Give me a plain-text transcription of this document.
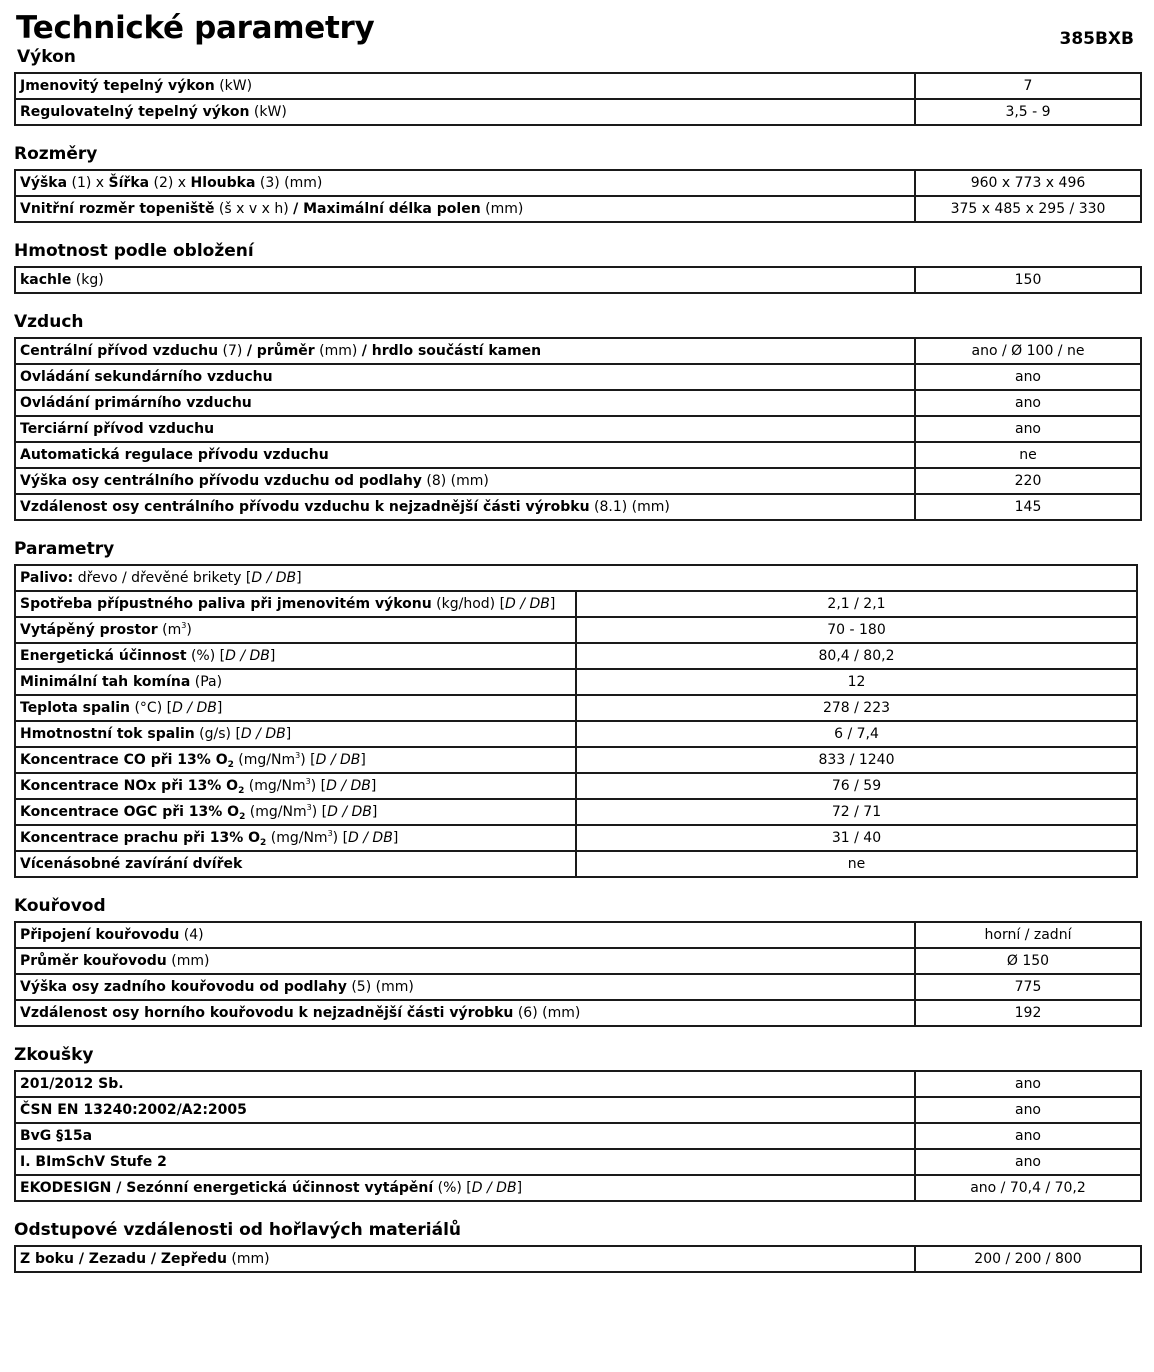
Technické parametry	385BXB
Výkon
Jmenovitý tepelný výkon (kW)	7
Regulovatelný tepelný výkon (kW)	3,5 - 9
Rozměry
Výška (1) x Šířka (2) x Hloubka (3) (mm)	960 x 773 x 496
Vnitřní rozměr topeniště (š x v x h) / Maximální délka polen (mm)	375 x 485 x 295 / 330
Hmotnost podle obložení
kachle (kg)	150
Vzduch
Centrální přívod vzduchu (7) / průměr (mm) / hrdlo součástí kamen	ano / Ø 100 / ne
Ovládání sekundárního vzduchu	ano
Ovládání primárního vzduchu	ano
Terciární přívod vzduchu	ano
Automatická regulace přívodu vzduchu	ne
Výška osy centrálního přívodu vzduchu od podlahy (8) (mm)	220
Vzdálenost osy centrálního přívodu vzduchu k nejzadnější části výrobku (8.1) (mm)	145
Parametry
Palivo: dřevo / dřevěné brikety [D / DB]	
Spotřeba přípustného paliva při jmenovitém výkonu (kg/hod) [D / DB]	2,1 / 2,1
Vytápěný prostor $(m^3)$	70 - 180
Energetická účinnost (%) [D / DB]	80,4 / 80,2
Minimální tah komína (Pa)	12
Teplota spalin (°C) [D / DB]	278 / 223
Hmotnostní tok spalin (g/s) [D / DB]	6 / 7,4
Koncentrace CO při 13% $O_2$ (mg/Nm$^3$) [D / DB]	833 / 1240
Koncentrace NOx při 13% $O_2$ (mg/Nm$^3$) [D / DB]	76 / 59
Koncentrace OGC při 13% $O_2$ (mg/Nm$^3$) [D / DB]	72 / 71
Koncentrace prachu při 13% $O_2$ (mg/Nm$^3$) [D / DB]	31 / 40
Vícenásobné zavírání dvířek	ne
Kouřovod
Připojení kouřovodu (4)	horní / zadní
Průměr kouřovodu (mm)	Ø 150
Výška osy zadního kouřovodu od podlahy (5) (mm)	775
Vzdálenost osy horního kouřovodu k nejzadnější části výrobku (6) (mm)	192
Zkoušky
201/2012 Sb.	ano
ČSN EN 13240:2002/A2:2005	ano
BvG §15a	ano
I. BImSchV Stufe 2	ano
EKODESIGN / Sezónní energetická účinnost vytápění (%) [D / DB]	ano / 70,4 / 70,2
Odstupové vzdálenosti od hořlavých materiálů
Z boku / Zezadu / Zepředu (mm)	200 / 200 / 800
